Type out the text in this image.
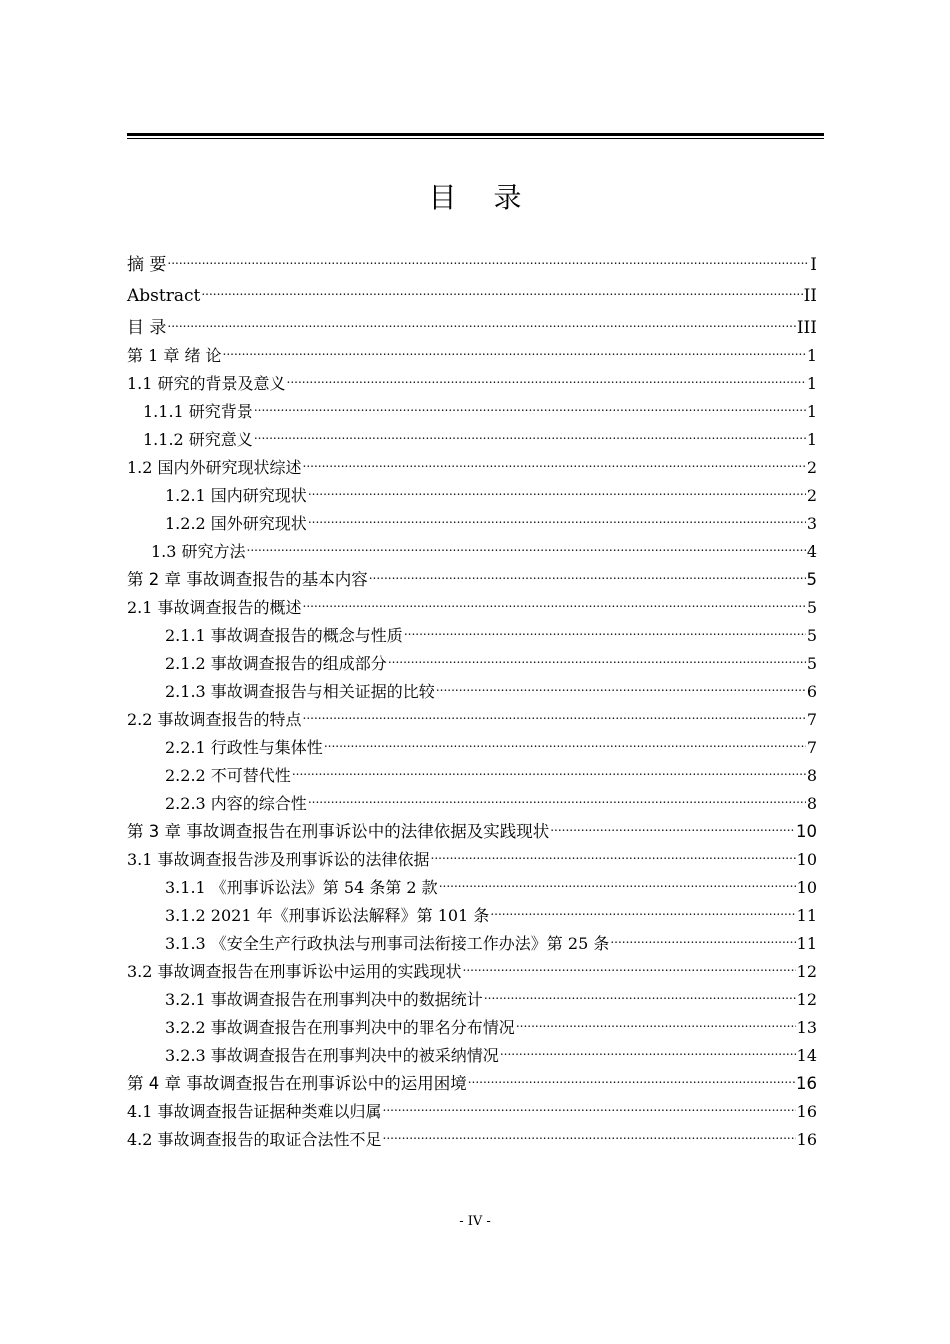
目 录
摘 要 .....	I
Abstract .....	II
目 录 .....	III
第 1 章 绪 论 .....	1
1.1 研究的背景及意义 .....	1
1.1.1 研究背景 .....	1
1.1.2 研究意义 .....	1
1.2 国内外研究现状综述 .....	2
1.2.1 国内研究现状 .....	2
1.2.2 国外研究现状 .....	3
1.3 研究方法 .....	4
第 2 章 事故调查报告的基本内容 .....	5
2.1 事故调查报告的概述 .....	5
2.1.1 事故调查报告的概念与性质 .....	5
2.1.2 事故调查报告的组成部分 .....	5
2.1.3 事故调查报告与相关证据的比较 .....	6
2.2 事故调查报告的特点 .....	7
2.2.1 行政性与集体性 .....	7
2.2.2 不可替代性 .....	8
2.2.3 内容的综合性 .....	8
第 3 章 事故调查报告在刑事诉讼中的法律依据及实践现状 .....	10
3.1 事故调查报告涉及刑事诉讼的法律依据 .....	10
3.1.1 《刑事诉讼法》第 54 条第 2 款 .....	10
3.1.2 2021 年《刑事诉讼法解释》第 101 条 .....	11
3.1.3 《安全生产行政执法与刑事司法衔接工作办法》第 25 条 .....	11
3.2 事故调查报告在刑事诉讼中运用的实践现状 .....	12
3.2.1 事故调查报告在刑事判决中的数据统计 .....	12
3.2.2 事故调查报告在刑事判决中的罪名分布情况 .....	13
3.2.3 事故调查报告在刑事判决中的被采纳情况 .....	14
第 4 章 事故调查报告在刑事诉讼中的运用困境 .....	16
4.1 事故调查报告证据种类难以归属 .....	16
4.2 事故调查报告的取证合法性不足 .....	16
- IV -
